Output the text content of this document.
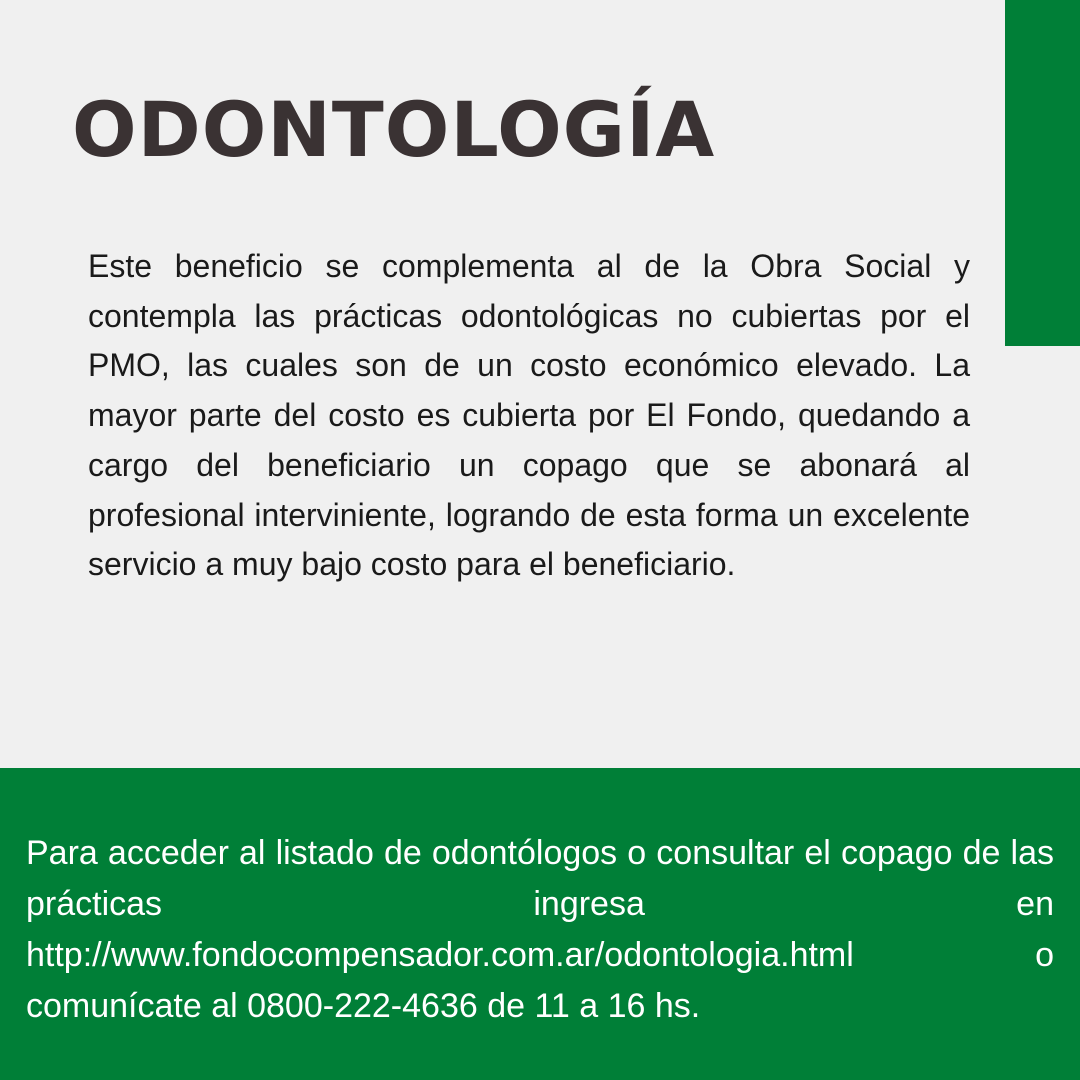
ODONTOLOGÍA

Este beneficio se complementa al de la Obra Social y contempla las prácticas odontológicas no cubiertas por el PMO, las cuales son de un costo económico elevado. La mayor parte del costo es cubierta por El Fondo, quedando a cargo del beneficiario un copago que se abonará al profesional interviniente, logrando de esta forma un excelente servicio a muy bajo costo para el beneficiario.

Para acceder al listado de odontólogos o consultar el copago de las prácticas ingresa en http://www.fondocompensador.com.ar/odontologia.html o comunícate al 0800-222-4636 de 11 a 16 hs.
